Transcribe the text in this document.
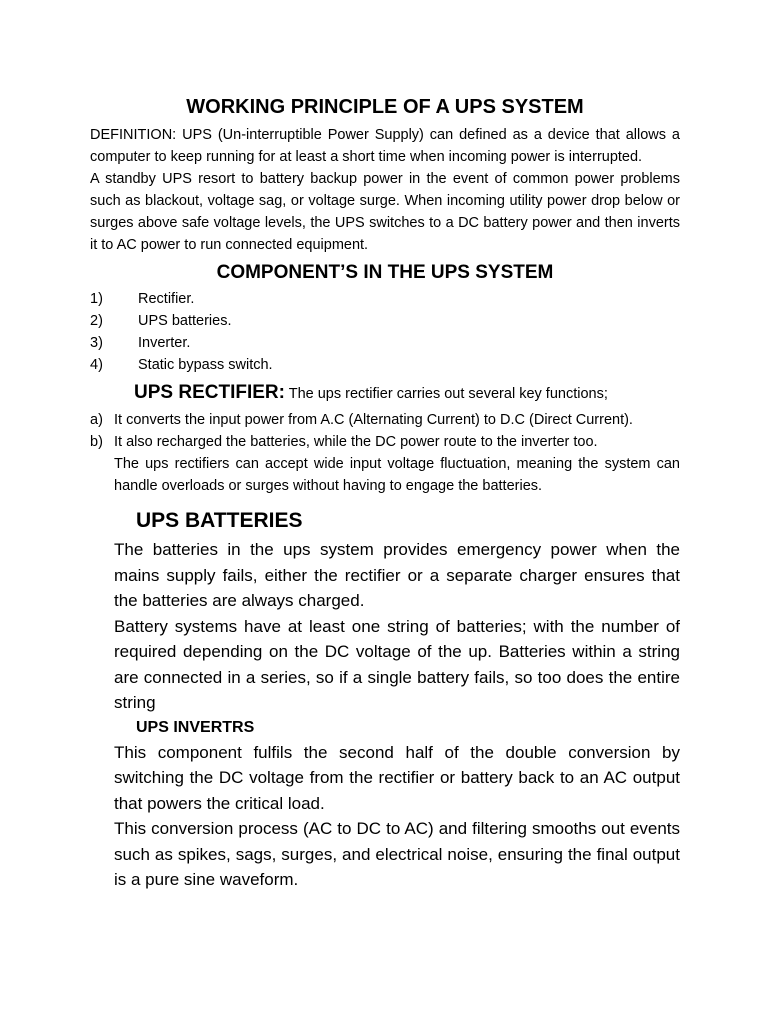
WORKING PRINCIPLE OF A UPS SYSTEM

DEFINITION: UPS (Un-interruptible Power Supply) can defined as a device that allows a computer to keep running for at least a short time when incoming power is interrupted.

A standby UPS resort to battery backup power in the event of common power problems such as blackout, voltage sag, or voltage surge. When incoming utility power drop below or surges above safe voltage levels, the UPS switches to a DC battery power and then inverts it to AC power to run connected equipment.

COMPONENT’S IN THE UPS SYSTEM
1)	Rectifier.
2)	UPS batteries.
3)	Inverter.
4)	Static bypass switch.
UPS RECTIFIER: The ups rectifier carries out several key functions;
a) It converts the input power from A.C (Alternating Current) to D.C (Direct Current).
b) It also recharged the batteries, while the DC power route to the inverter too.

The ups rectifiers can accept wide input voltage fluctuation, meaning the system can handle overloads or surges without having to engage the batteries.

UPS BATTERIES

The batteries in the ups system provides emergency power when the mains supply fails, either the rectifier or a separate charger ensures that the batteries are always charged.

Battery systems have at least one string of batteries; with the number of required depending on the DC voltage of the up. Batteries within a string are connected in a series, so if a single battery fails, so too does the entire string

UPS INVERTRS

This component fulfils the second half of the double conversion by switching the DC voltage from the rectifier or battery back to an AC output that powers the critical load.

This conversion process (AC to DC to AC) and filtering smooths out events such as spikes, sags, surges, and electrical noise, ensuring the final output is a pure sine waveform.
